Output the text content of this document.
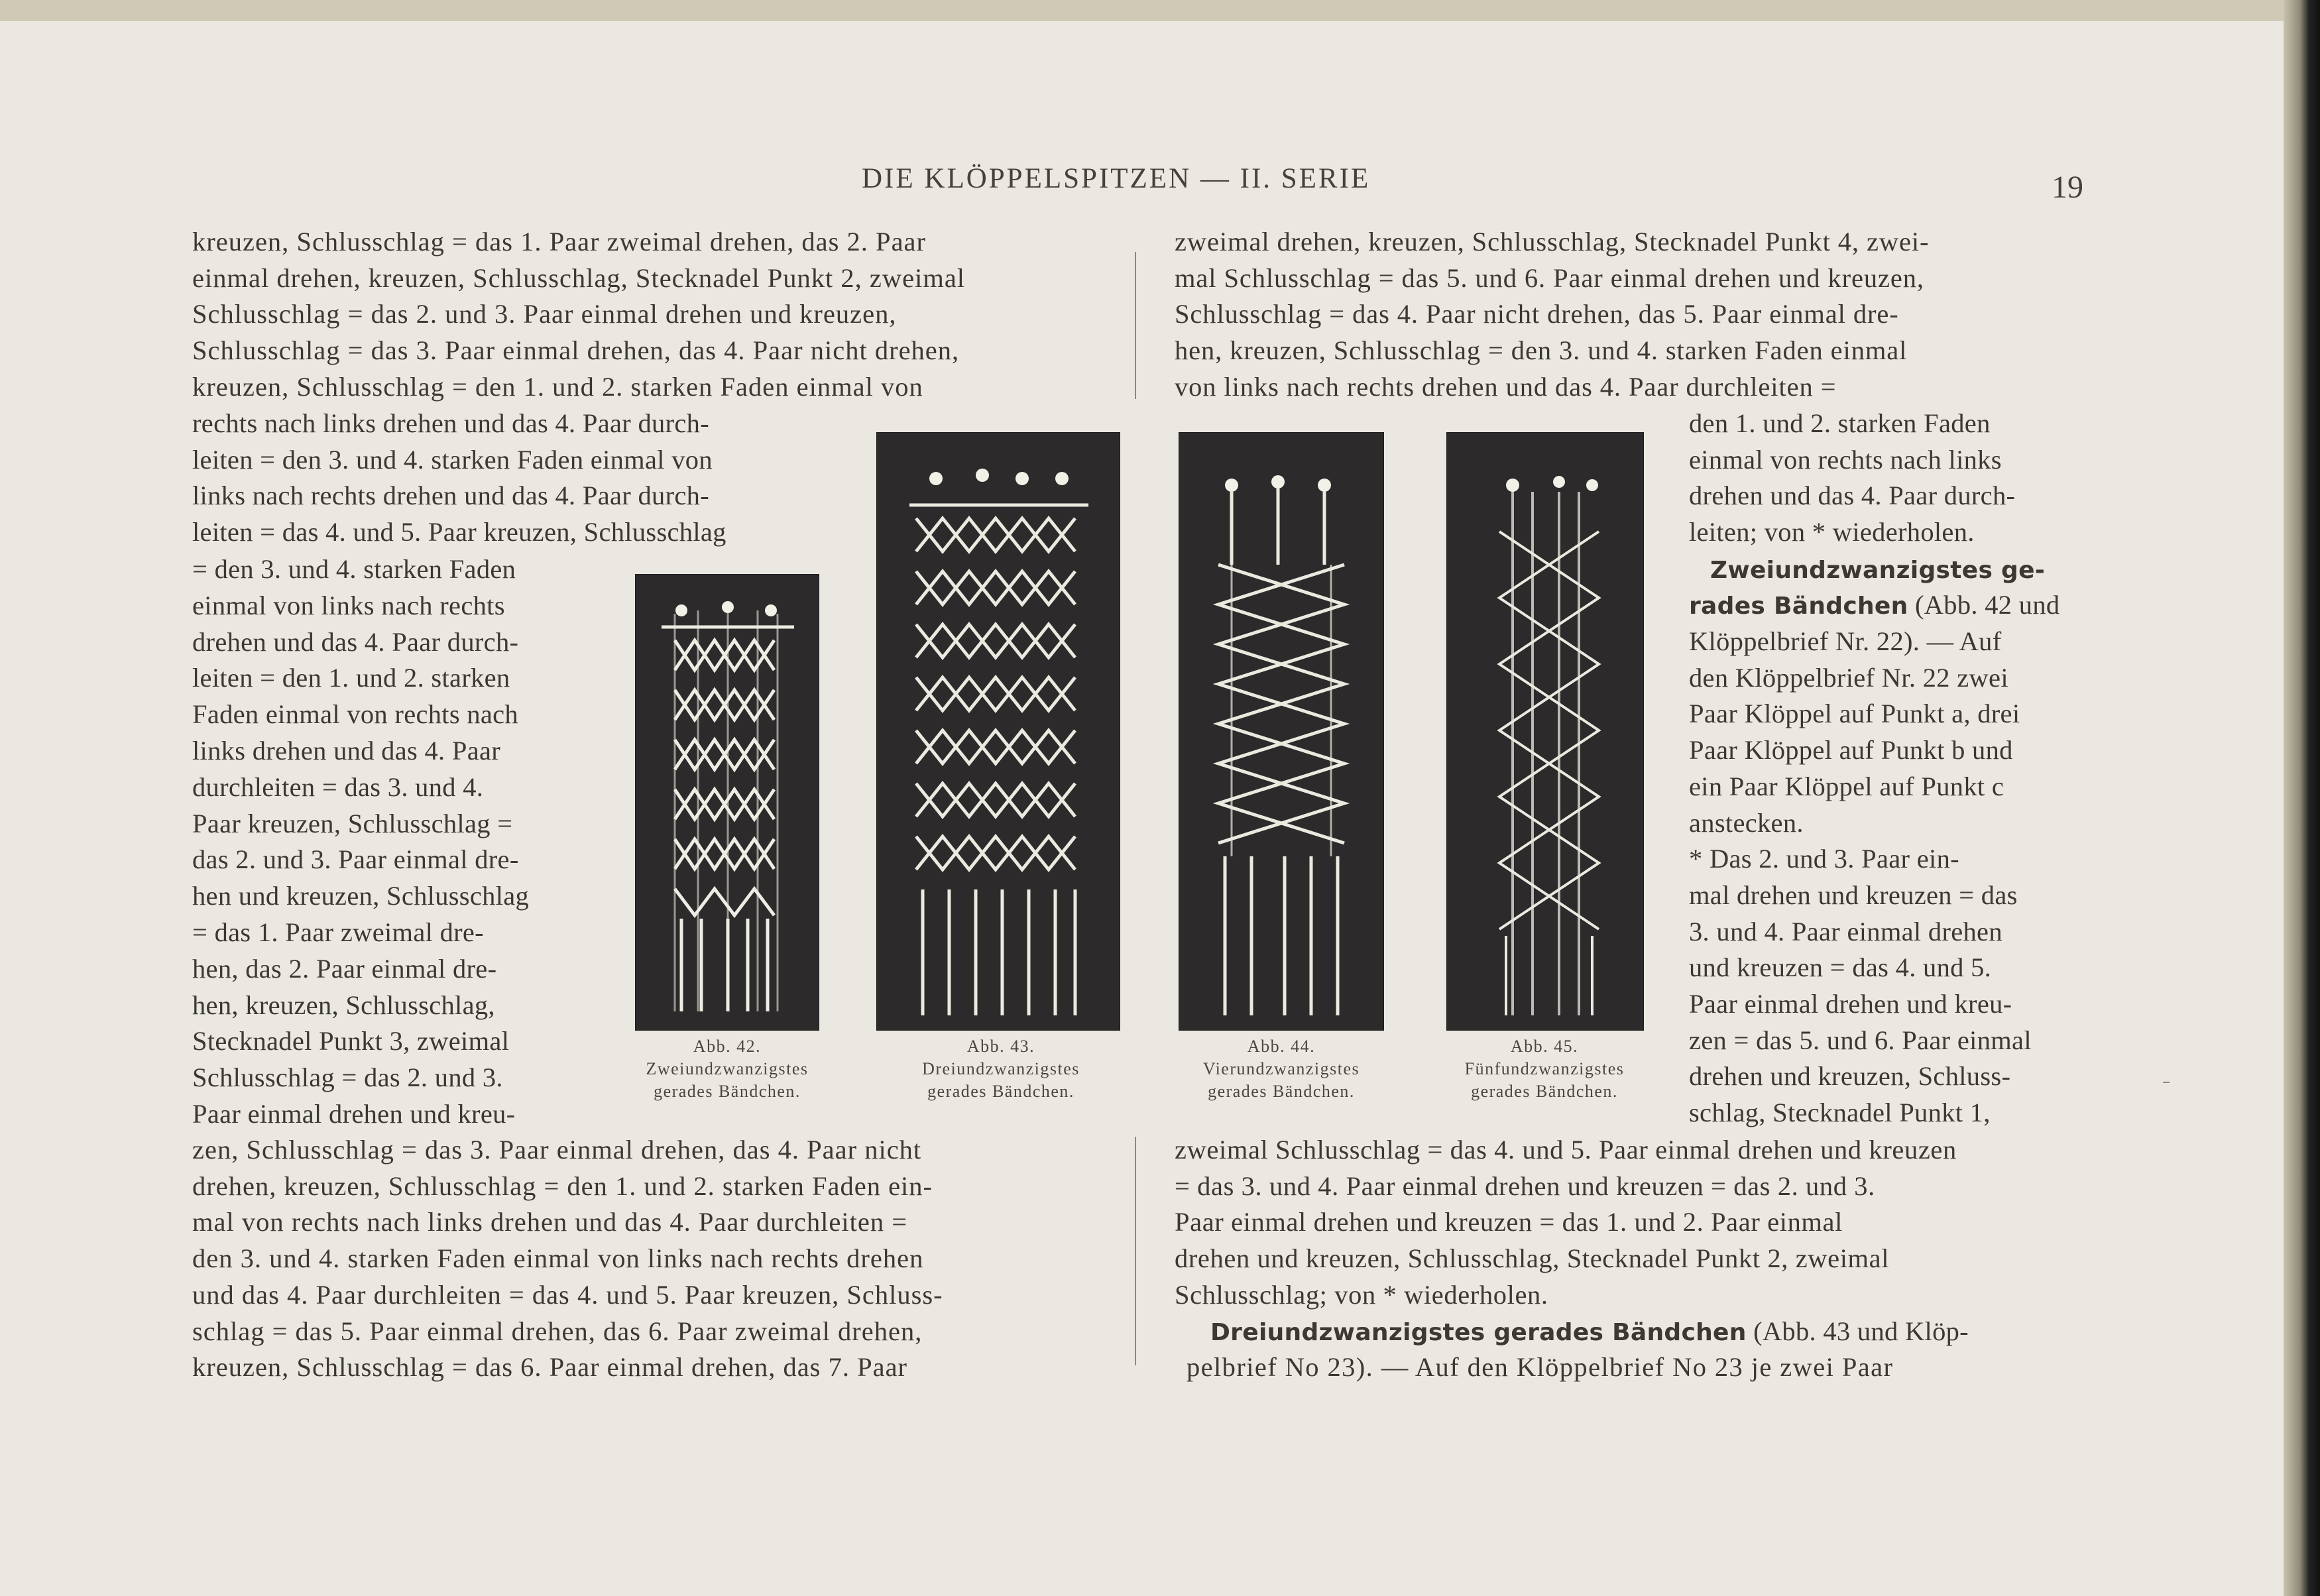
DIE KLÖPPELSPITZEN — II. SERIE	19
kreuzen, Schlusschlag = das 1. Paar zweimal drehen, das 2. Paar
einmal drehen, kreuzen, Schlusschlag, Stecknadel Punkt 2, zweimal
Schlusschlag = das 2. und 3. Paar einmal drehen und kreuzen,
Schlusschlag = das 3. Paar einmal drehen, das 4. Paar nicht drehen,
kreuzen, Schlusschlag = den 1. und 2. starken Faden einmal von
rechts nach links drehen und das 4. Paar durch-
leiten = den 3. und 4. starken Faden einmal von
links nach rechts drehen und das 4. Paar durch-
leiten = das 4. und 5. Paar kreuzen, Schlusschlag
= den 3. und 4. starken Faden
einmal von links nach rechts
drehen und das 4. Paar durch-
leiten = den 1. und 2. starken
Faden einmal von rechts nach
links drehen und das 4. Paar
durchleiten = das 3. und 4.
Paar kreuzen, Schlusschlag =
das 2. und 3. Paar einmal dre-
hen und kreuzen, Schlusschlag
= das 1. Paar zweimal dre-
hen, das 2. Paar einmal dre-
hen, kreuzen, Schlusschlag,
Stecknadel Punkt 3, zweimal
Schlusschlag = das 2. und 3.
Paar einmal drehen und kreu-
zen, Schlusschlag = das 3. Paar einmal drehen, das 4. Paar nicht
drehen, kreuzen, Schlusschlag = den 1. und 2. starken Faden ein-
mal von rechts nach links drehen und das 4. Paar durchleiten =
den 3. und 4. starken Faden einmal von links nach rechts drehen
und das 4. Paar durchleiten = das 4. und 5. Paar kreuzen, Schluss-
schlag = das 5. Paar einmal drehen, das 6. Paar zweimal drehen,
kreuzen, Schlusschlag = das 6. Paar einmal drehen, das 7. Paar
zweimal drehen, kreuzen, Schlusschlag, Stecknadel Punkt 4, zwei-
mal Schlusschlag = das 5. und 6. Paar einmal drehen und kreuzen,
Schlusschlag = das 4. Paar nicht drehen, das 5. Paar einmal dre-
hen, kreuzen, Schlusschlag = den 3. und 4. starken Faden einmal
von links nach rechts drehen und das 4. Paar durchleiten =
den 1. und 2. starken Faden
einmal von rechts nach links
drehen und das 4. Paar durch-
leiten; von * wiederholen.
Zweiundzwanzigstes ge-
rades Bändchen (Abb. 42 und
Klöppelbrief Nr. 22). — Auf
den Klöppelbrief Nr. 22 zwei
Paar Klöppel auf Punkt a, drei
Paar Klöppel auf Punkt b und
ein Paar Klöppel auf Punkt c
anstecken.
* Das 2. und 3. Paar ein-
mal drehen und kreuzen = das
3. und 4. Paar einmal drehen
und kreuzen = das 4. und 5.
Paar einmal drehen und kreu-
zen = das 5. und 6. Paar einmal
drehen und kreuzen, Schluss-
schlag, Stecknadel Punkt 1,
zweimal Schlusschlag = das 4. und 5. Paar einmal drehen und kreuzen
= das 3. und 4. Paar einmal drehen und kreuzen = das 2. und 3.
Paar einmal drehen und kreuzen = das 1. und 2. Paar einmal
drehen und kreuzen, Schlusschlag, Stecknadel Punkt 2, zweimal
Schlusschlag; von * wiederholen.
Dreiundzwanzigstes gerades Bändchen (Abb. 43 und Klöp-
pelbrief No 23). — Auf den Klöppelbrief No 23 je zwei Paar
Abb. 42.
Zweiundzwanzigstes
gerades Bändchen.
Abb. 43.
Dreiundzwanzigstes
gerades Bändchen.
Abb. 44.
Vierundzwanzigstes
gerades Bändchen.
Abb. 45.
Fünfundzwanzigstes
gerades Bändchen.
